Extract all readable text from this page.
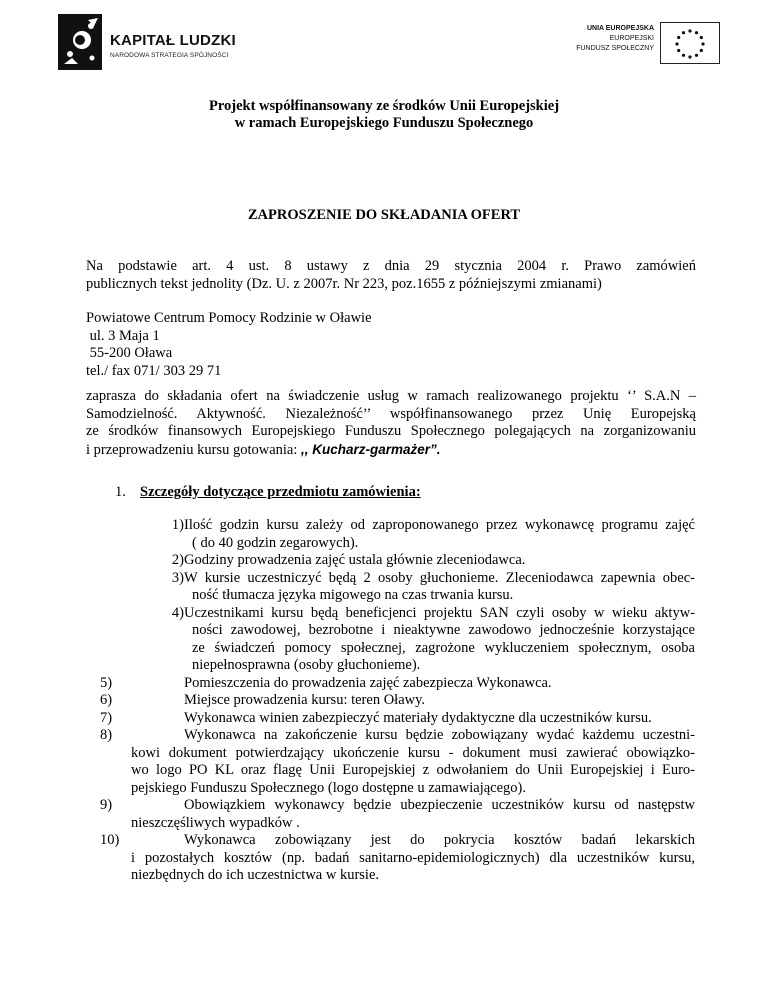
KAPITAŁ LUDZKI
NARODOWA STRATEGIA SPÓJNOŚCI
UNIA EUROPEJSKA
EUROPEJSKI
FUNDUSZ SPOŁECZNY
Projekt współfinansowany ze środków Unii Europejskiej
w ramach Europejskiego Funduszu Społecznego
ZAPROSZENIE DO SKŁADANIA OFERT
Na podstawie art. 4 ust. 8 ustawy z dnia 29 stycznia 2004 r. Prawo zamówień
publicznych tekst jednolity (Dz. U. z 2007r. Nr 223, poz.1655 z późniejszymi zmianami)
Powiatowe Centrum Pomocy Rodzinie w Oławie
ul. 3 Maja 1
55-200 Oława
tel./ fax 071/ 303 29 71
zaprasza do składania ofert na świadczenie usług w ramach realizowanego projektu ‘’ S.A.N –
Samodzielność. Aktywność. Niezależność’’ współfinansowanego przez Unię Europejską
ze środków finansowych Europejskiego Funduszu Społecznego polegających na zorganizowaniu
i przeprowadzeniu kursu gotowania: ,, Kucharz-garmażer”.
1. Szczegóły dotyczące przedmiotu zamówienia:
1) Ilość godzin kursu zależy od zaproponowanego przez wykonawcę programu zajęć
( do 40 godzin zegarowych).
2) Godziny prowadzenia zajęć ustala głównie zleceniodawca.
3) W kursie uczestniczyć będą 2 osoby głuchonieme. Zleceniodawca zapewnia obec-
ność tłumacza języka migowego na czas trwania kursu.
4) Uczestnikami kursu będą beneficjenci projektu SAN czyli osoby w wieku aktyw-
ności zawodowej, bezrobotne i nieaktywne zawodowo jednocześnie korzystające
ze świadczeń pomocy społecznej, zagrożone wykluczeniem społecznym, osoba
niepełnosprawna (osoby głuchonieme).
5)	Pomieszczenia do prowadzenia zajęć zabezpiecza Wykonawca.
6)	Miejsce prowadzenia kursu: teren Oławy.
7)	Wykonawca winien zabezpieczyć materiały dydaktyczne dla uczestników kursu.
8)	Wykonawca na zakończenie kursu będzie zobowiązany wydać każdemu uczestni-
kowi dokument potwierdzający ukończenie kursu - dokument musi zawierać obowiązko-
wo logo PO KL oraz flagę Unii Europejskiej z odwołaniem do Unii Europejskiej i Euro-
pejskiego Funduszu Społecznego (logo dostępne u zamawiającego).
9)	Obowiązkiem wykonawcy będzie ubezpieczenie uczestników kursu od następstw
nieszczęśliwych wypadków .
10)	Wykonawca zobowiązany jest do pokrycia kosztów badań lekarskich
i pozostałych kosztów (np. badań sanitarno-epidemiologicznych) dla uczestników kursu,
niezbędnych do ich uczestnictwa w kursie.
